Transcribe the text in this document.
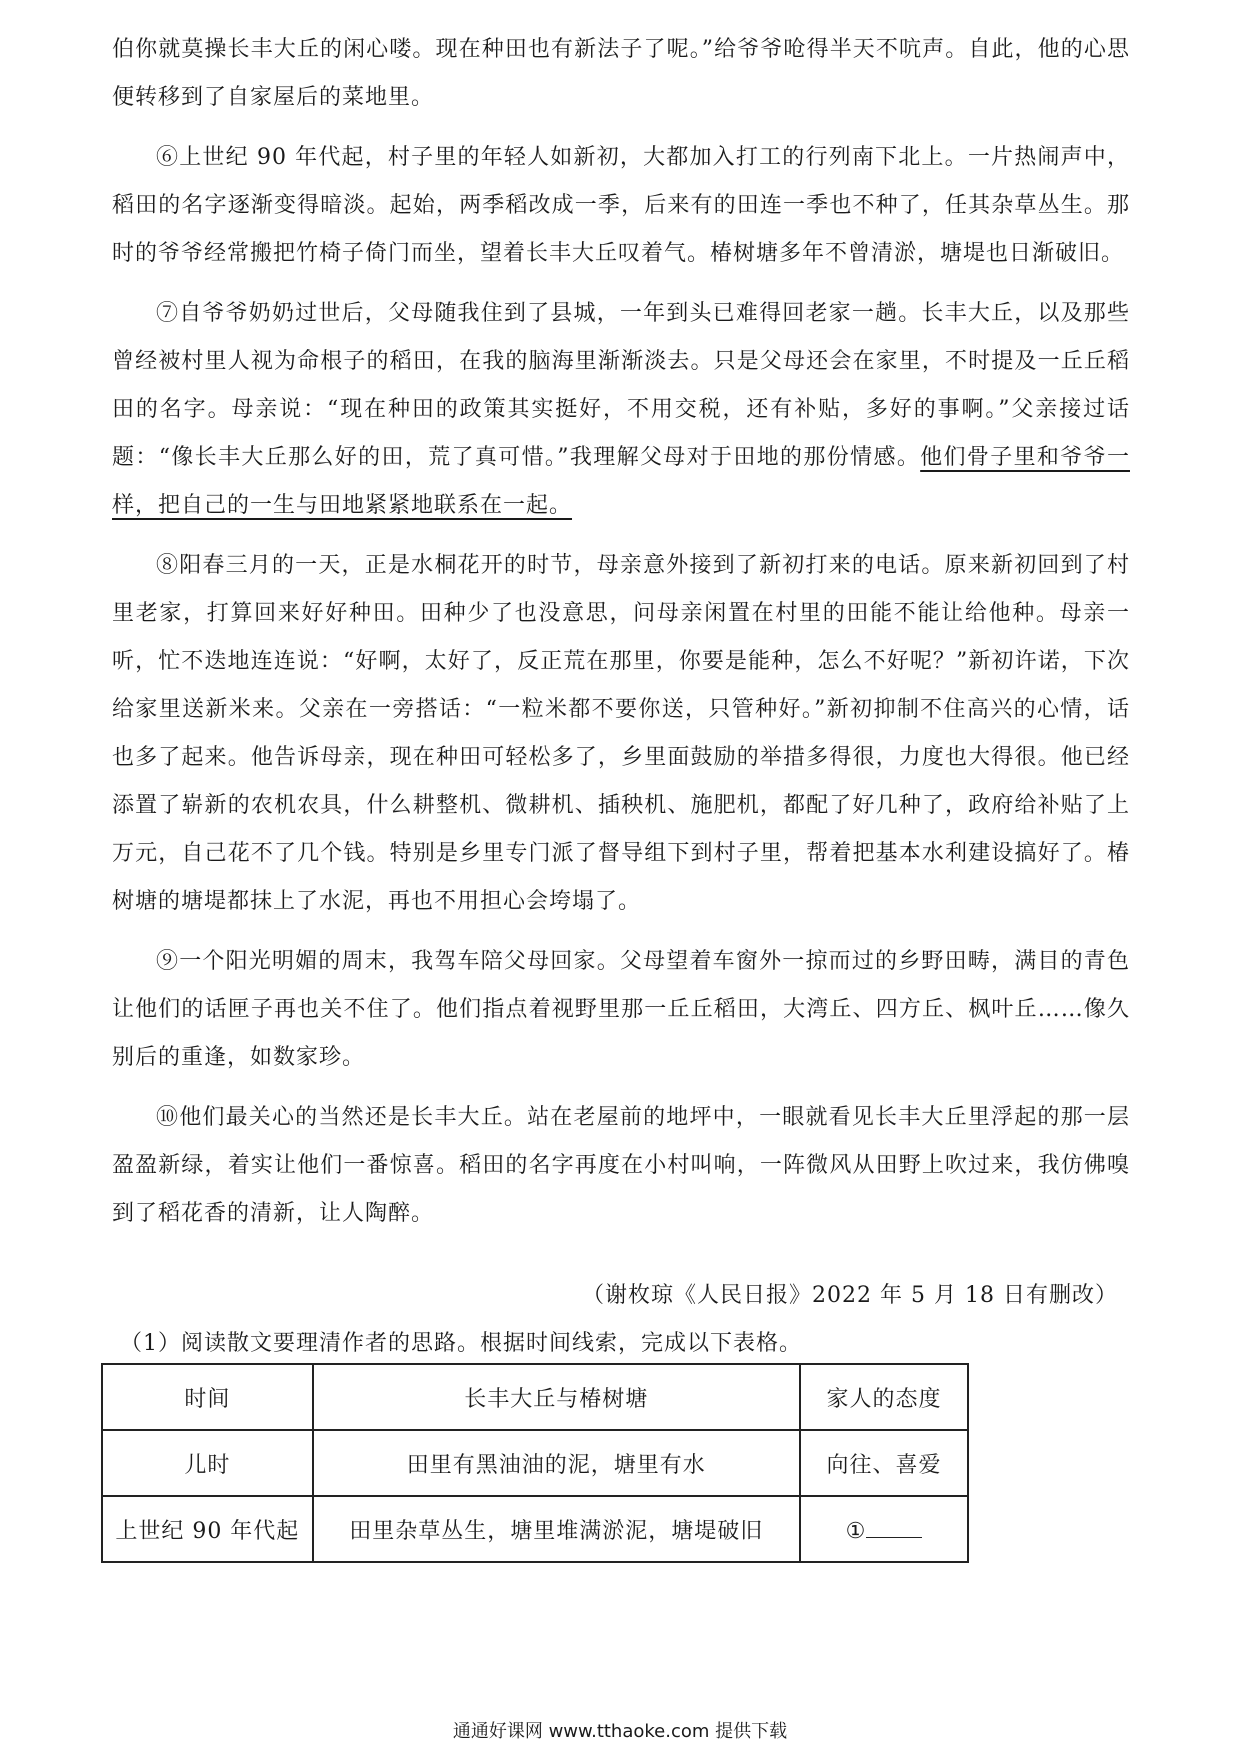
伯你就莫操长丰大丘的闲心喽。现在种田也有新法子了呢。”给爷爷呛得半天不吭声。自此，他的心思便转移到了自家屋后的菜地里。

⑥上世纪 90 年代起，村子里的年轻人如新初，大都加入打工的行列南下北上。一片热闹声中，稻田的名字逐渐变得暗淡。起始，两季稻改成一季，后来有的田连一季也不种了，任其杂草丛生。那时的爷爷经常搬把竹椅子倚门而坐，望着长丰大丘叹着气。椿树塘多年不曾清淤，塘堤也日渐破旧。

⑦自爷爷奶奶过世后，父母随我住到了县城，一年到头已难得回老家一趟。长丰大丘，以及那些曾经被村里人视为命根子的稻田，在我的脑海里渐渐淡去。只是父母还会在家里，不时提及一丘丘稻田的名字。母亲说：“现在种田的政策其实挺好，不用交税，还有补贴，多好的事啊。”父亲接过话题：“像长丰大丘那么好的田，荒了真可惜。”我理解父母对于田地的那份情感。他们骨子里和爷爷一样，把自己的一生与田地紧紧地联系在一起。

⑧阳春三月的一天，正是水桐花开的时节，母亲意外接到了新初打来的电话。原来新初回到了村里老家，打算回来好好种田。田种少了也没意思，问母亲闲置在村里的田能不能让给他种。母亲一听，忙不迭地连连说：“好啊，太好了，反正荒在那里，你要是能种，怎么不好呢？”新初许诺，下次给家里送新米来。父亲在一旁搭话：“一粒米都不要你送，只管种好。”新初抑制不住高兴的心情，话也多了起来。他告诉母亲，现在种田可轻松多了，乡里面鼓励的举措多得很，力度也大得很。他已经添置了崭新的农机农具，什么耕整机、微耕机、插秧机、施肥机，都配了好几种了，政府给补贴了上万元，自己花不了几个钱。特别是乡里专门派了督导组下到村子里，帮着把基本水利建设搞好了。椿树塘的塘堤都抹上了水泥，再也不用担心会垮塌了。

⑨一个阳光明媚的周末，我驾车陪父母回家。父母望着车窗外一掠而过的乡野田畴，满目的青色让他们的话匣子再也关不住了。他们指点着视野里那一丘丘稻田，大湾丘、四方丘、枫叶丘……像久别后的重逢，如数家珍。

⑩他们最关心的当然还是长丰大丘。站在老屋前的地坪中，一眼就看见长丰大丘里浮起的那一层盈盈新绿，着实让他们一番惊喜。稻田的名字再度在小村叫响，一阵微风从田野上吹过来，我仿佛嗅到了稻花香的清新，让人陶醉。

（谢枚琼《人民日报》2022 年 5 月 18 日有删改）
（1）阅读散文要理清作者的思路。根据时间线索，完成以下表格。
时间	长丰大丘与椿树塘	家人的态度
儿时	田里有黑油油的泥，塘里有水	向往、喜爱
上世纪 90 年代起	田里杂草丛生，塘里堆满淤泥，塘堤破旧	①
通通好课网 www.tthaoke.com 提供下载
